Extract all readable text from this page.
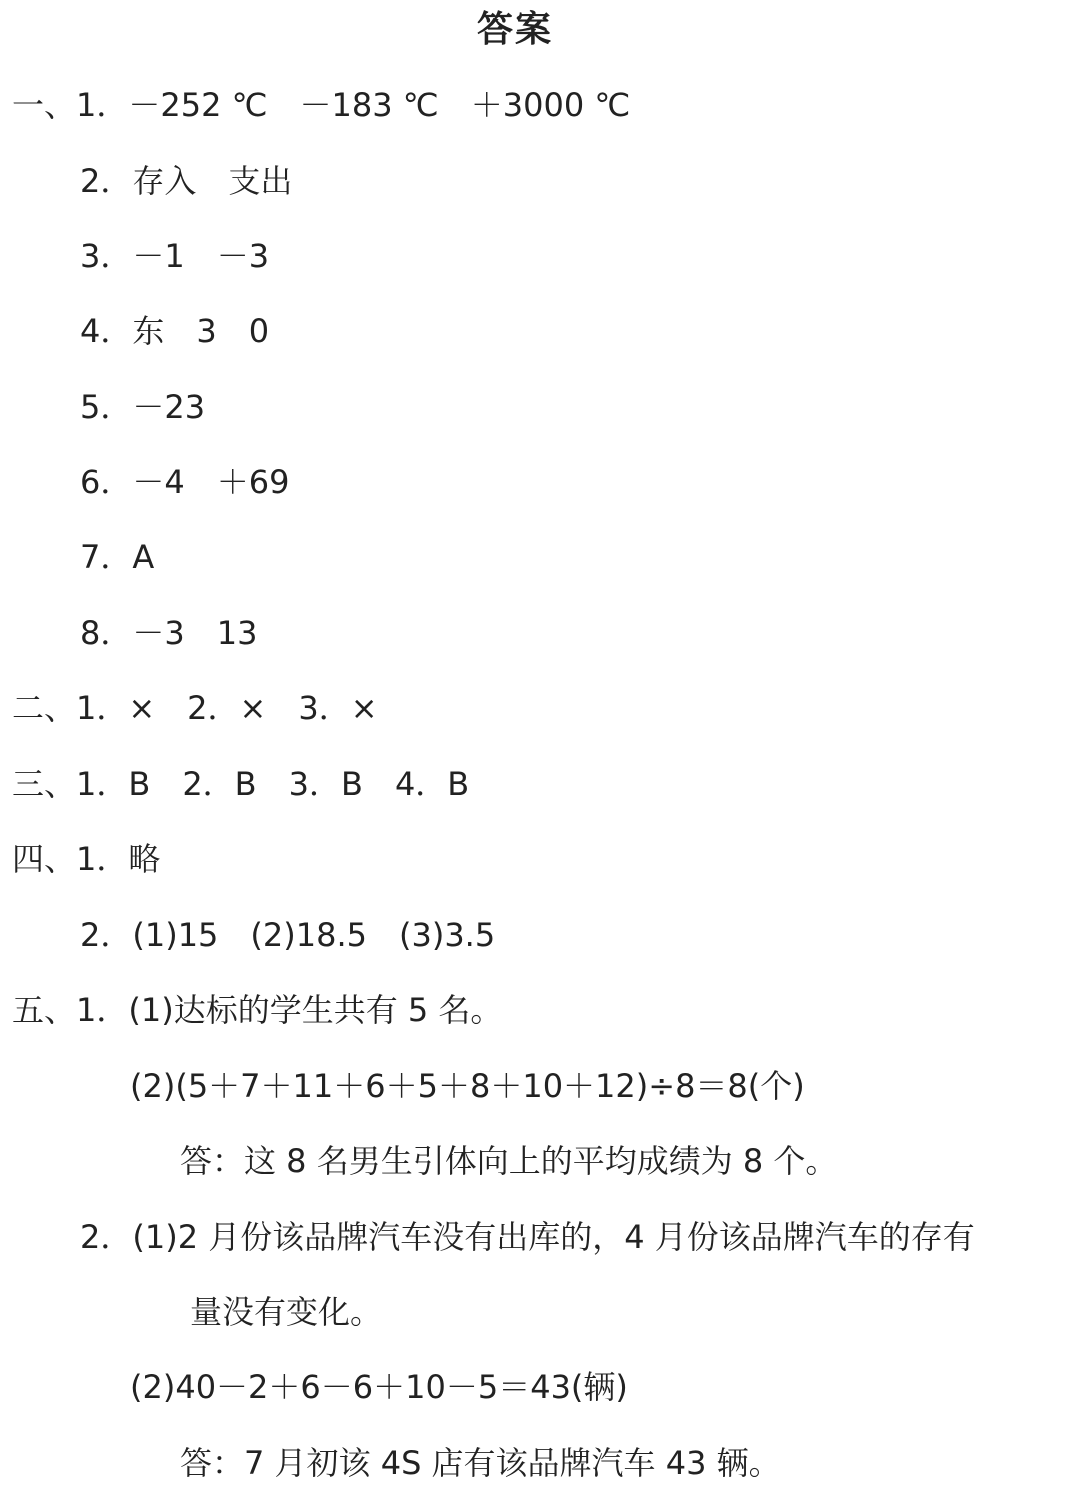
答案
一、1．－252 ℃　－183 ℃　＋3000 ℃
2．存入　支出
3．－1　－3
4．东　3　0
5．－23
6．－4　＋69
7．A
8．－3　13
二、1．×　2．×　3．×
三、1．B　2．B　3．B　4．B
四、1．略
2．(1)15　(2)18.5　(3)3.5
五、1．(1)达标的学生共有 5 名。
(2)(5＋7＋11＋6＋5＋8＋10＋12)÷8＝8(个)
答：这 8 名男生引体向上的平均成绩为 8 个。
2．(1)2 月份该品牌汽车没有出库的，4 月份该品牌汽车的存有
量没有变化。
(2)40－2＋6－6＋10－5＝43(辆)
答：7 月初该 4S 店有该品牌汽车 43 辆。
